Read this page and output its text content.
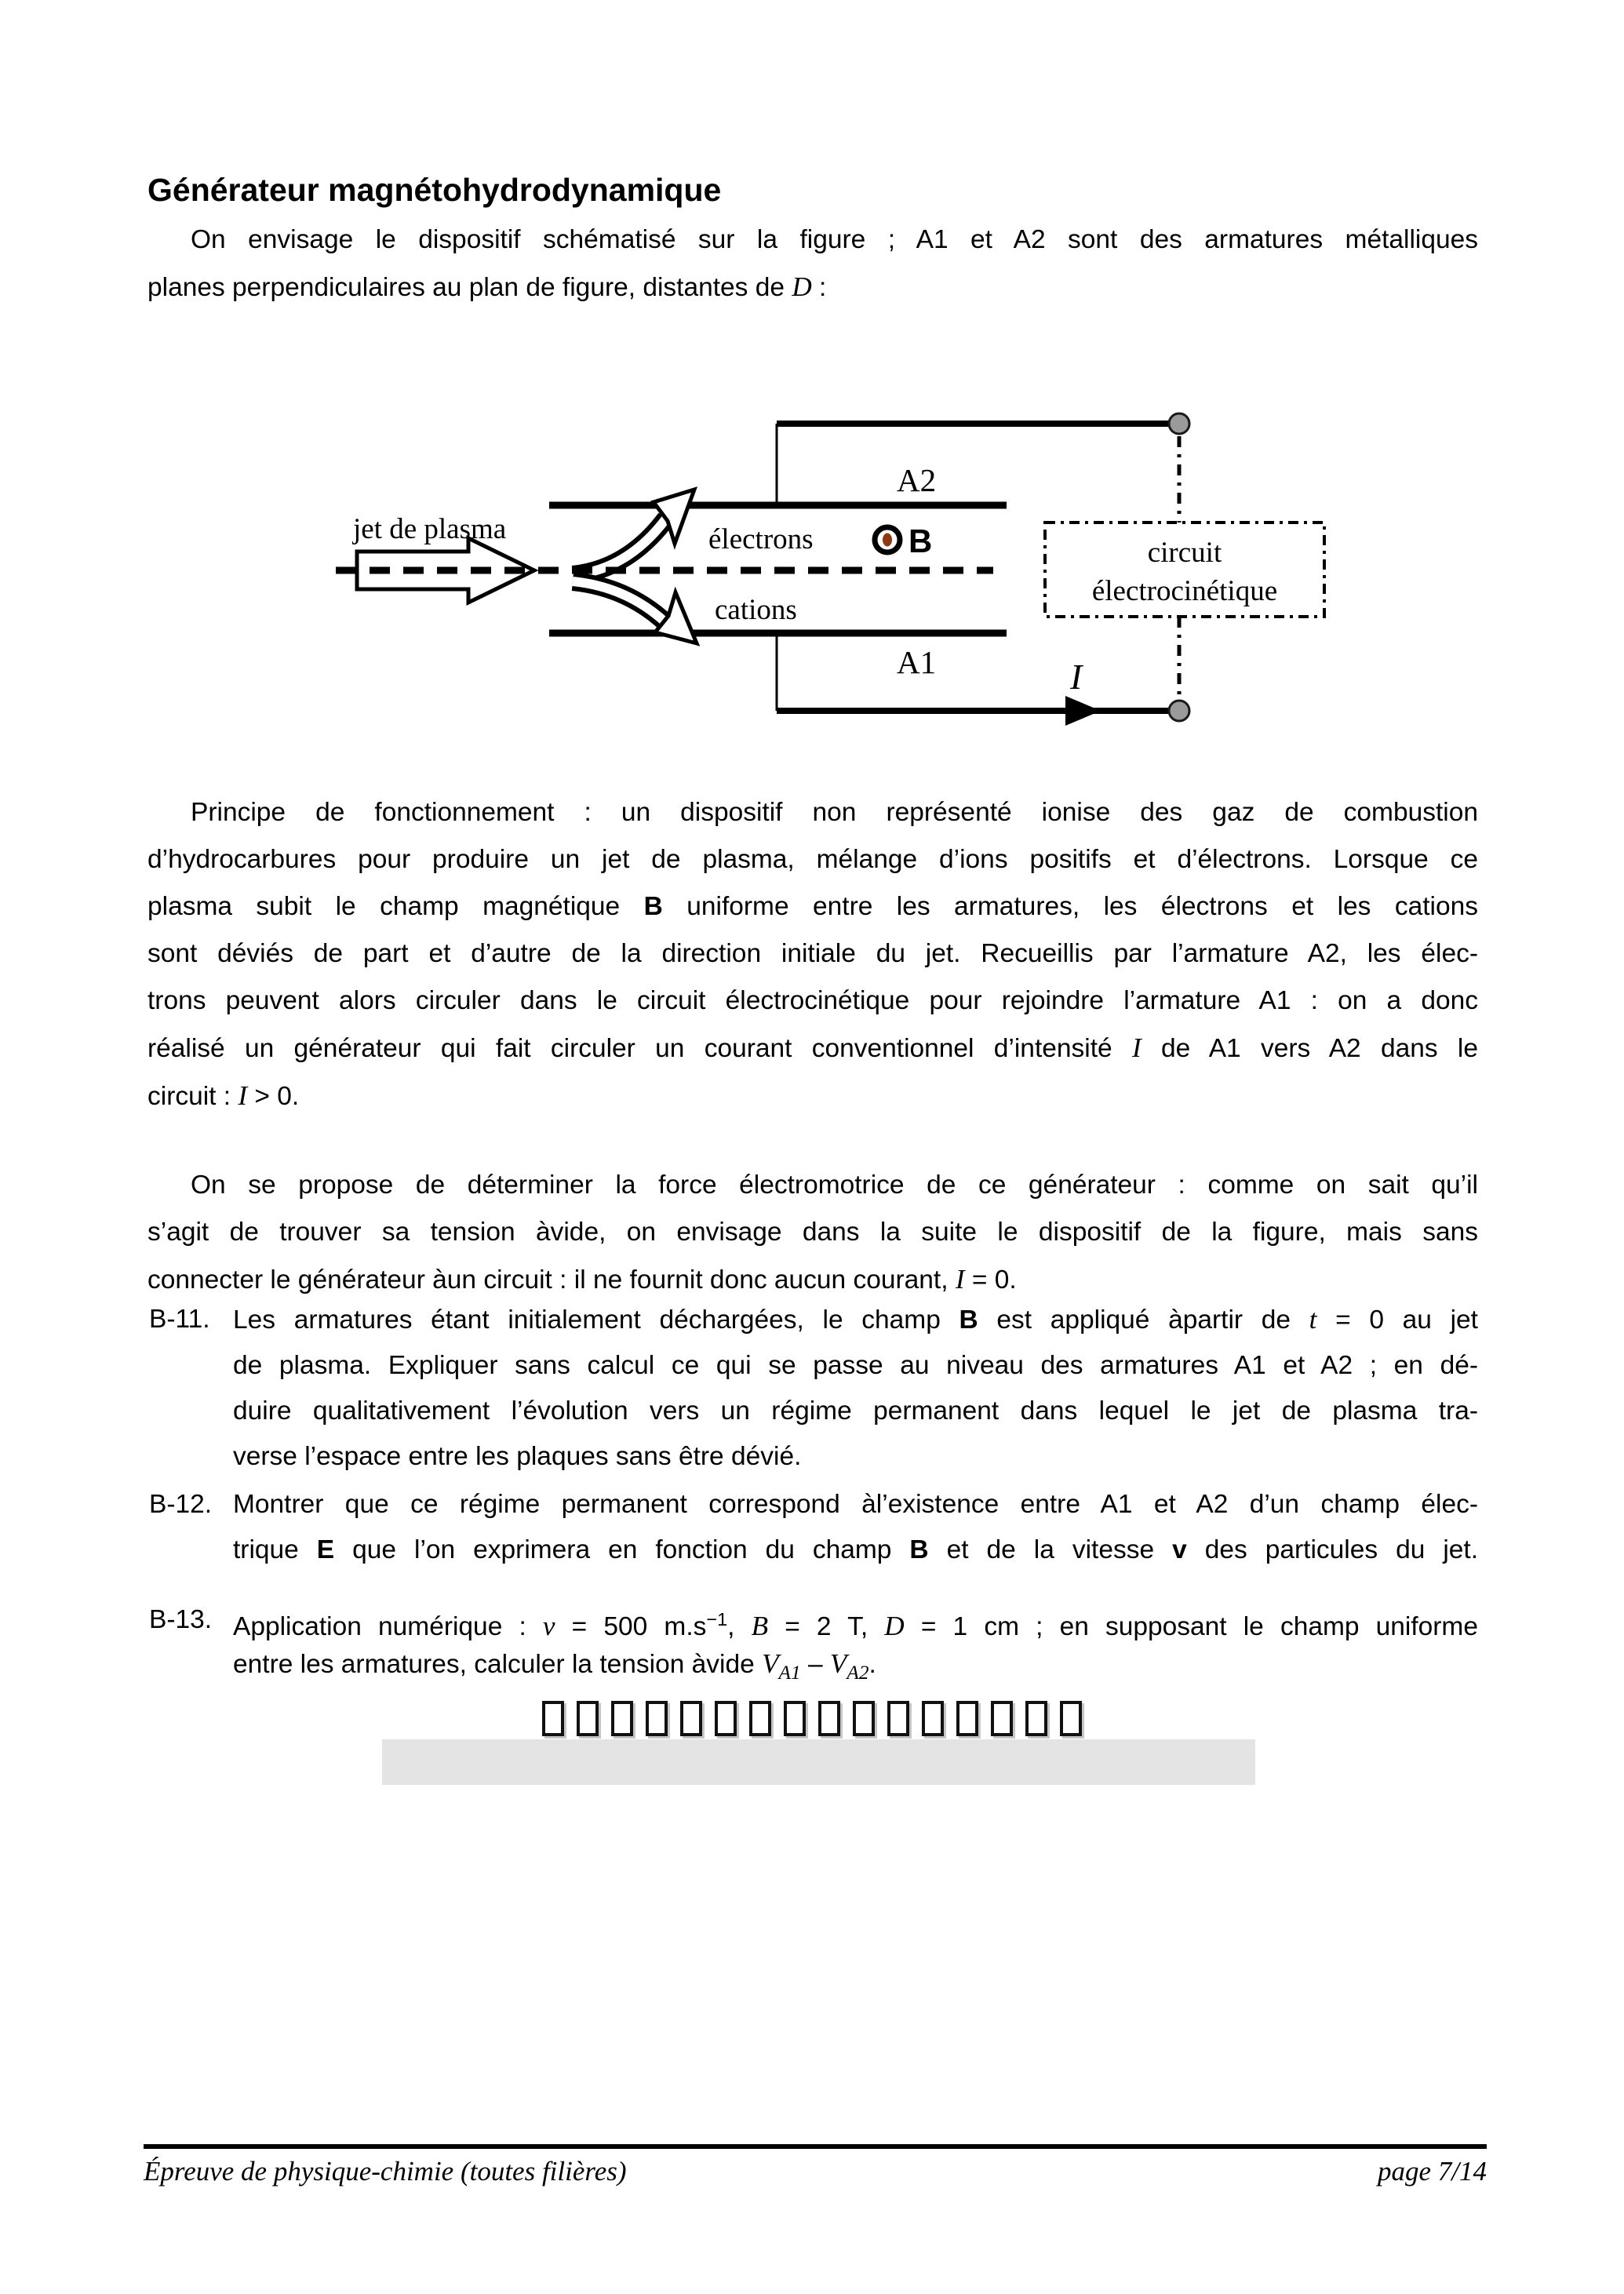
Générateur magnétohydrodynamique
On envisage le dispositif schématisé sur la figure ; A1 et A2 sont des armatures métalliques
planes perpendiculaires au plan de figure, distantes de D :
B
jet de plasma	électrons
cations
A2
A1	I
circuit
électrocinétique
Principe de fonctionnement : un dispositif non représenté ionise des gaz de combustion
d’hydrocarbures pour produire un jet de plasma, mélange d’ions positifs et d’électrons. Lorsque ce
plasma subit le champ magnétique B uniforme entre les armatures, les électrons et les cations
sont déviés de part et d’autre de la direction initiale du jet. Recueillis par l’armature A2, les élec-
trons peuvent alors circuler dans le circuit électrocinétique pour rejoindre l’armature A1 : on a donc
réalisé un générateur qui fait circuler un courant conventionnel d’intensité I de A1 vers A2 dans le
circuit : I > 0.
On se propose de déterminer la force électromotrice de ce générateur : comme on sait qu’il
s’agit de trouver sa tension àvide, on envisage dans la suite le dispositif de la figure, mais sans
connecter le générateur àun circuit : il ne fournit donc aucun courant, I = 0.
B-11. Les armatures étant initialement déchargées, le champ B est appliqué àpartir de t = 0 au jet
de plasma. Expliquer sans calcul ce qui se passe au niveau des armatures A1 et A2 ; en dé-
duire qualitativement l’évolution vers un régime permanent dans lequel le jet de plasma tra-
verse l’espace entre les plaques sans être dévié.
B-12. Montrer que ce régime permanent correspond àl’existence entre A1 et A2 d’un champ élec-
trique E que l’on exprimera en fonction du champ B et de la vitesse v des particules du jet.
B-13. Application numérique : v = 500 $m.s^{-1}$, B = 2 T, D = 1 cm ; en supposant le champ uniforme
entre les armatures, calculer la tension àvide $V_{A1} - V_{A2}$.
Épreuve de physique-chimie (toutes filières)	page 7/14
